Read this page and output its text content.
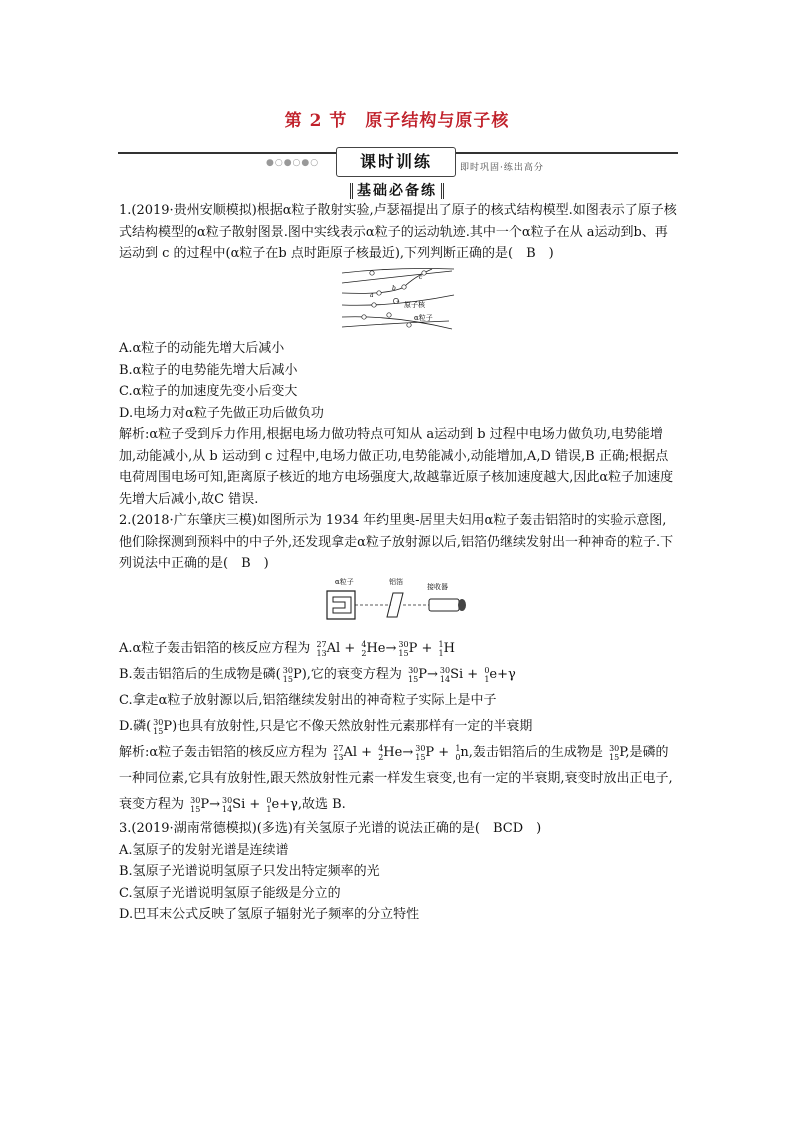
第 2 节　原子结构与原子核
●○●○●○	课时训练	即时巩固·练出高分
基础必备练

1.(2019·贵州安顺模拟)根据α粒子散射实验,卢瑟福提出了原子的核式结构模型.如图表示了原子核式结构模型的α粒子散射图景.图中实线表示α粒子的运动轨迹.其中一个α粒子在从 a运动到b、再运动到 c 的过程中(α粒子在b 点时距原子核最近),下列判断正确的是(　B　)

+
a
b
c
原子核
α粒子

A.α粒子的动能先增大后减小

B.α粒子的电势能先增大后减小

C.α粒子的加速度先变小后变大

D.电场力对α粒子先做正功后做负功

解析:α粒子受到斥力作用,根据电场力做功特点可知从 a运动到 b 过程中电场力做负功,电势能增加,动能减小,从 b 运动到 c 过程中,电场力做正功,电势能减小,动能增加,A,D 错误,B 正确;根据点电荷周围电场可知,距离原子核近的地方电场强度大,故越靠近原子核加速度越大,因此α粒子加速度先增大后减小,故C 错误.

2.(2018·广东肇庆三模)如图所示为 1934 年约里奥-居里夫妇用α粒子轰击铝箔时的实验示意图,他们除探测到预料中的中子外,还发现拿走α粒子放射源以后,铝箔仍继续发射出一种神奇的粒子.下列说法中正确的是(　B　)

α粒子	铝箔
接收器

A.α粒子轰击铝箔的核反应方程为 27
13Al + 4
2He→ 30
15P + 1
1H

B.轰击铝箔后的生成物是磷( 30
15P),它的衰变方程为 30
15P→ 30
14Si + 0
1e+γ

C.拿走α粒子放射源以后,铝箔继续发射出的神奇粒子实际上是中子

D.磷( 30
15P)也具有放射性,只是它不像天然放射性元素那样有一定的半衰期

解析:α粒子轰击铝箔的核反应方程为 27
13Al + 4
2He→ 30
15P + 1
0n,轰击铝箔后的生成物是 30
15P,是磷的一种同位素,它具有放射性,跟天然放射性元素一样发生衰变,也有一定的半衰期,衰变时放出正电子,衰变方程为 30
15P→ 30
14Si + 0
1e+γ,故选 B.

3.(2019·湖南常德模拟)(多选)有关氢原子光谱的说法正确的是(　BCD　)

A.氢原子的发射光谱是连续谱

B.氢原子光谱说明氢原子只发出特定频率的光

C.氢原子光谱说明氢原子能级是分立的

D.巴耳末公式反映了氢原子辐射光子频率的分立特性
